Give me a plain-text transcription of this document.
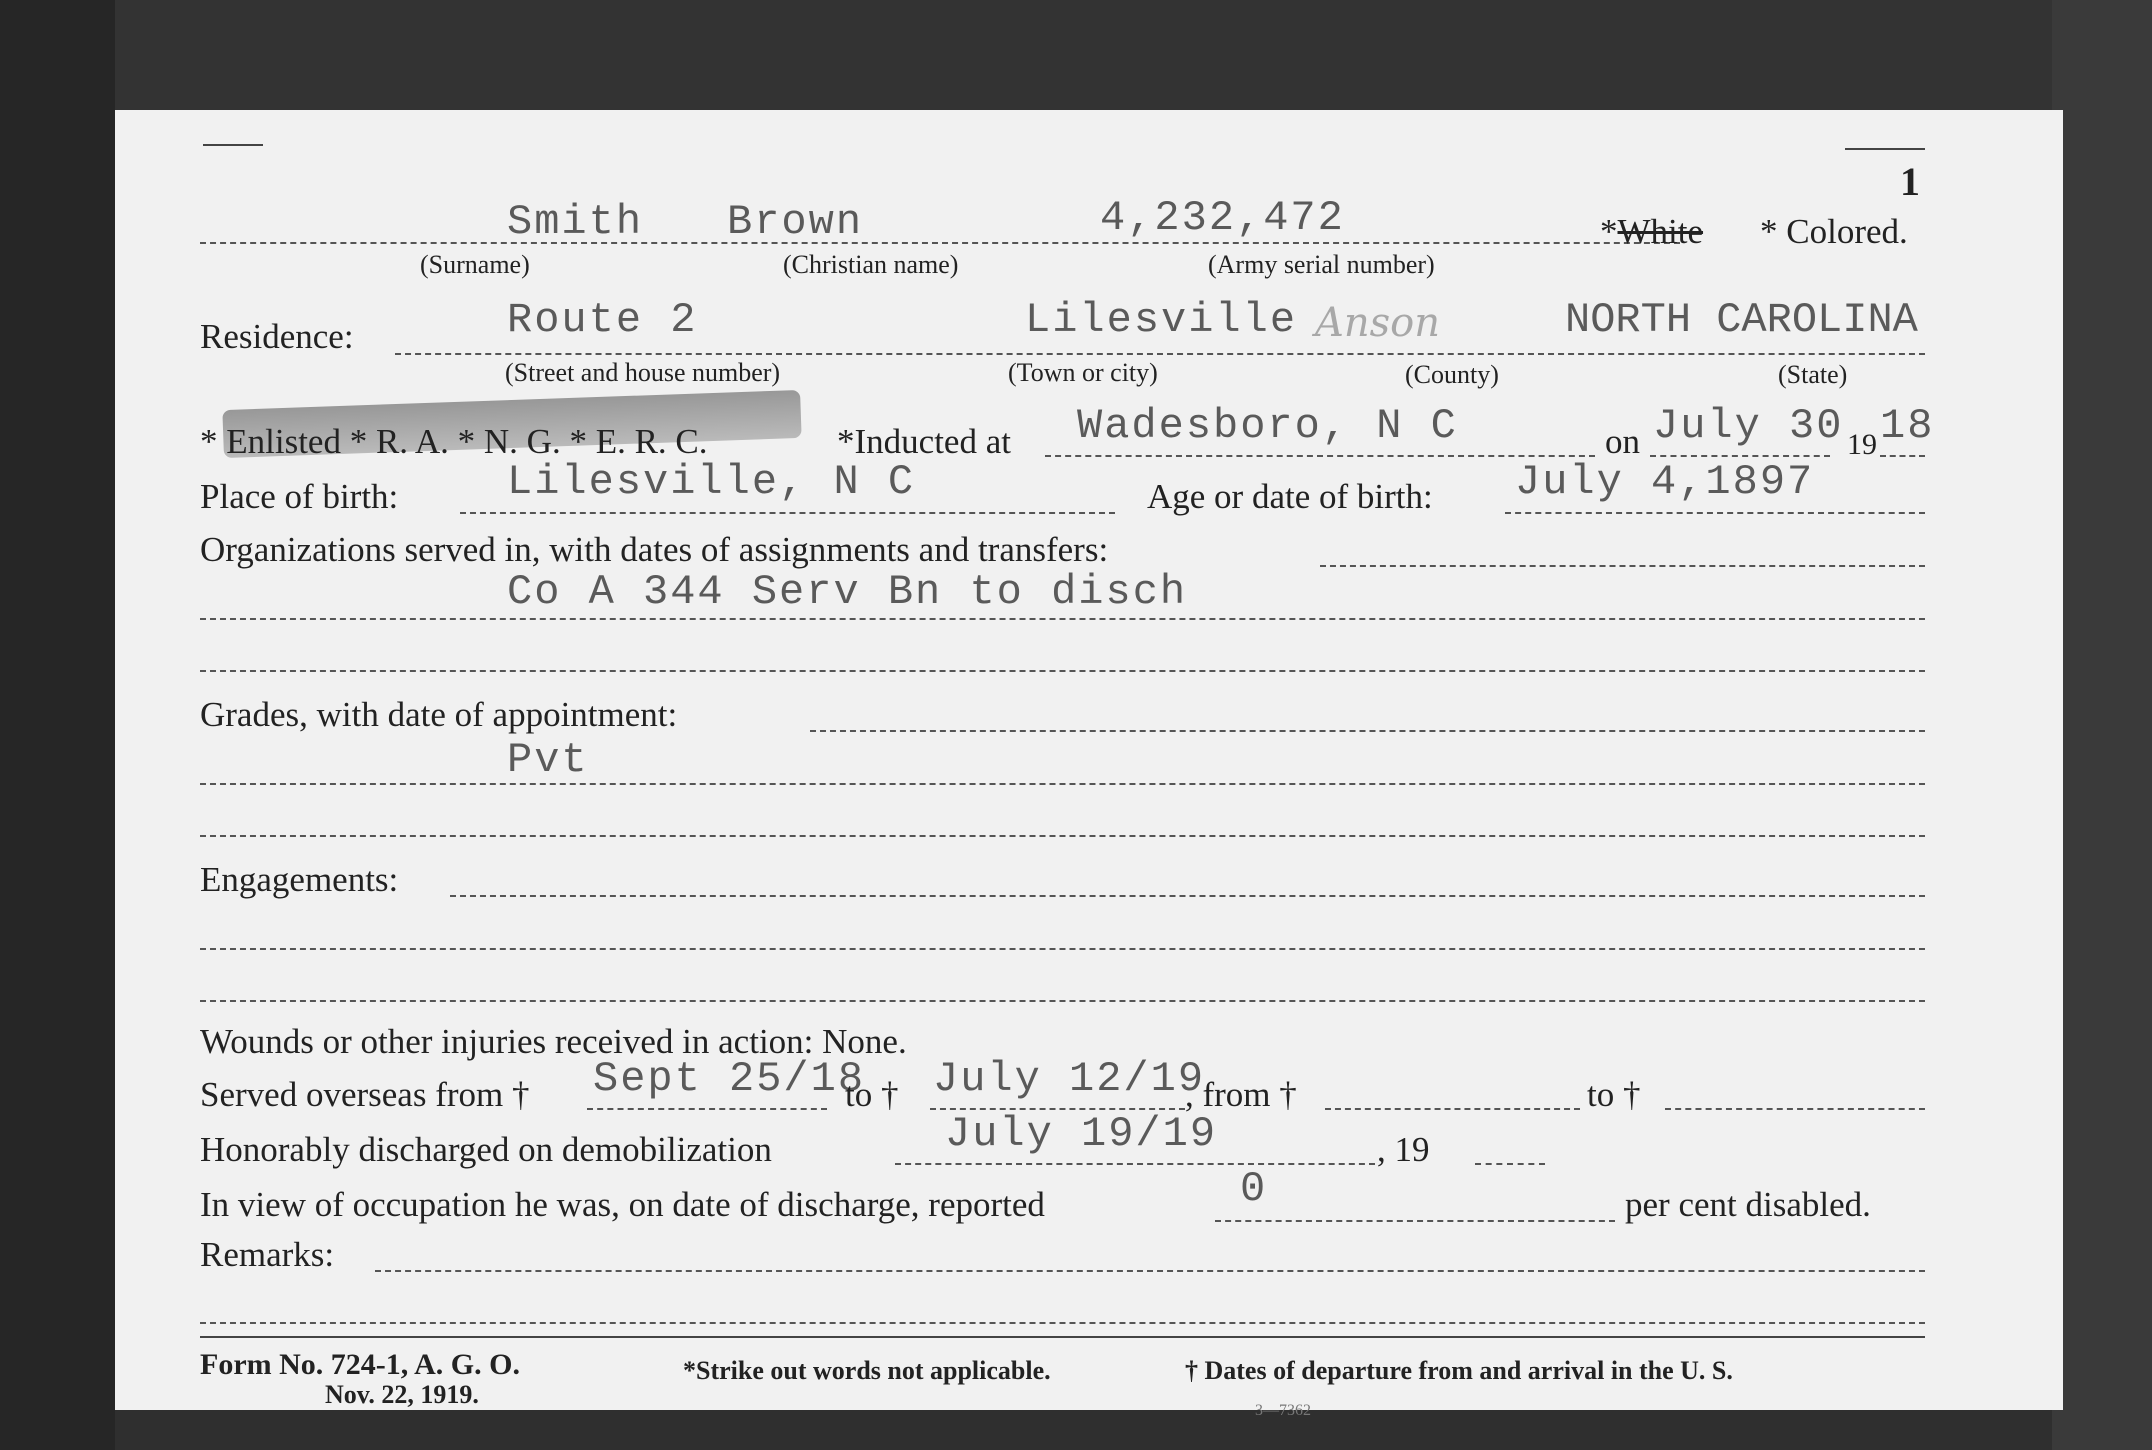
1
Smith Brown	4,232,472	*White * Colored.
(Surname)	(Christian name)	(Army serial number)
Residence:	Route 2	Lilesville Anson	NORTH CAROLINA
(Street and house number)	(Town or city)	(County)	(State)
* Enlisted * R. A. * N. G. * E. R. C.	*Inducted at Wadesboro, N C	on July 30 19 18
Place of birth:	Lilesville, N C	Age or date of birth: July 4,1897
Organizations served in, with dates of assignments and transfers:
Co A 344 Serv Bn to disch
Grades, with date of appointment:
Pvt
Engagements:
Wounds or other injuries received in action: None.
Served overseas from † Sept 25/18
to † July 12/19
, from †	to †
Honorably discharged on demobilization	July 19/19	, 19
In view of occupation he was, on date of discharge, reported	0	per cent disabled.
Remarks:
Form No. 724-1, A. G. O.
Nov. 22, 1919.
*Strike out words not applicable.	† Dates of departure from and arrival in the U. S.
3—7362
